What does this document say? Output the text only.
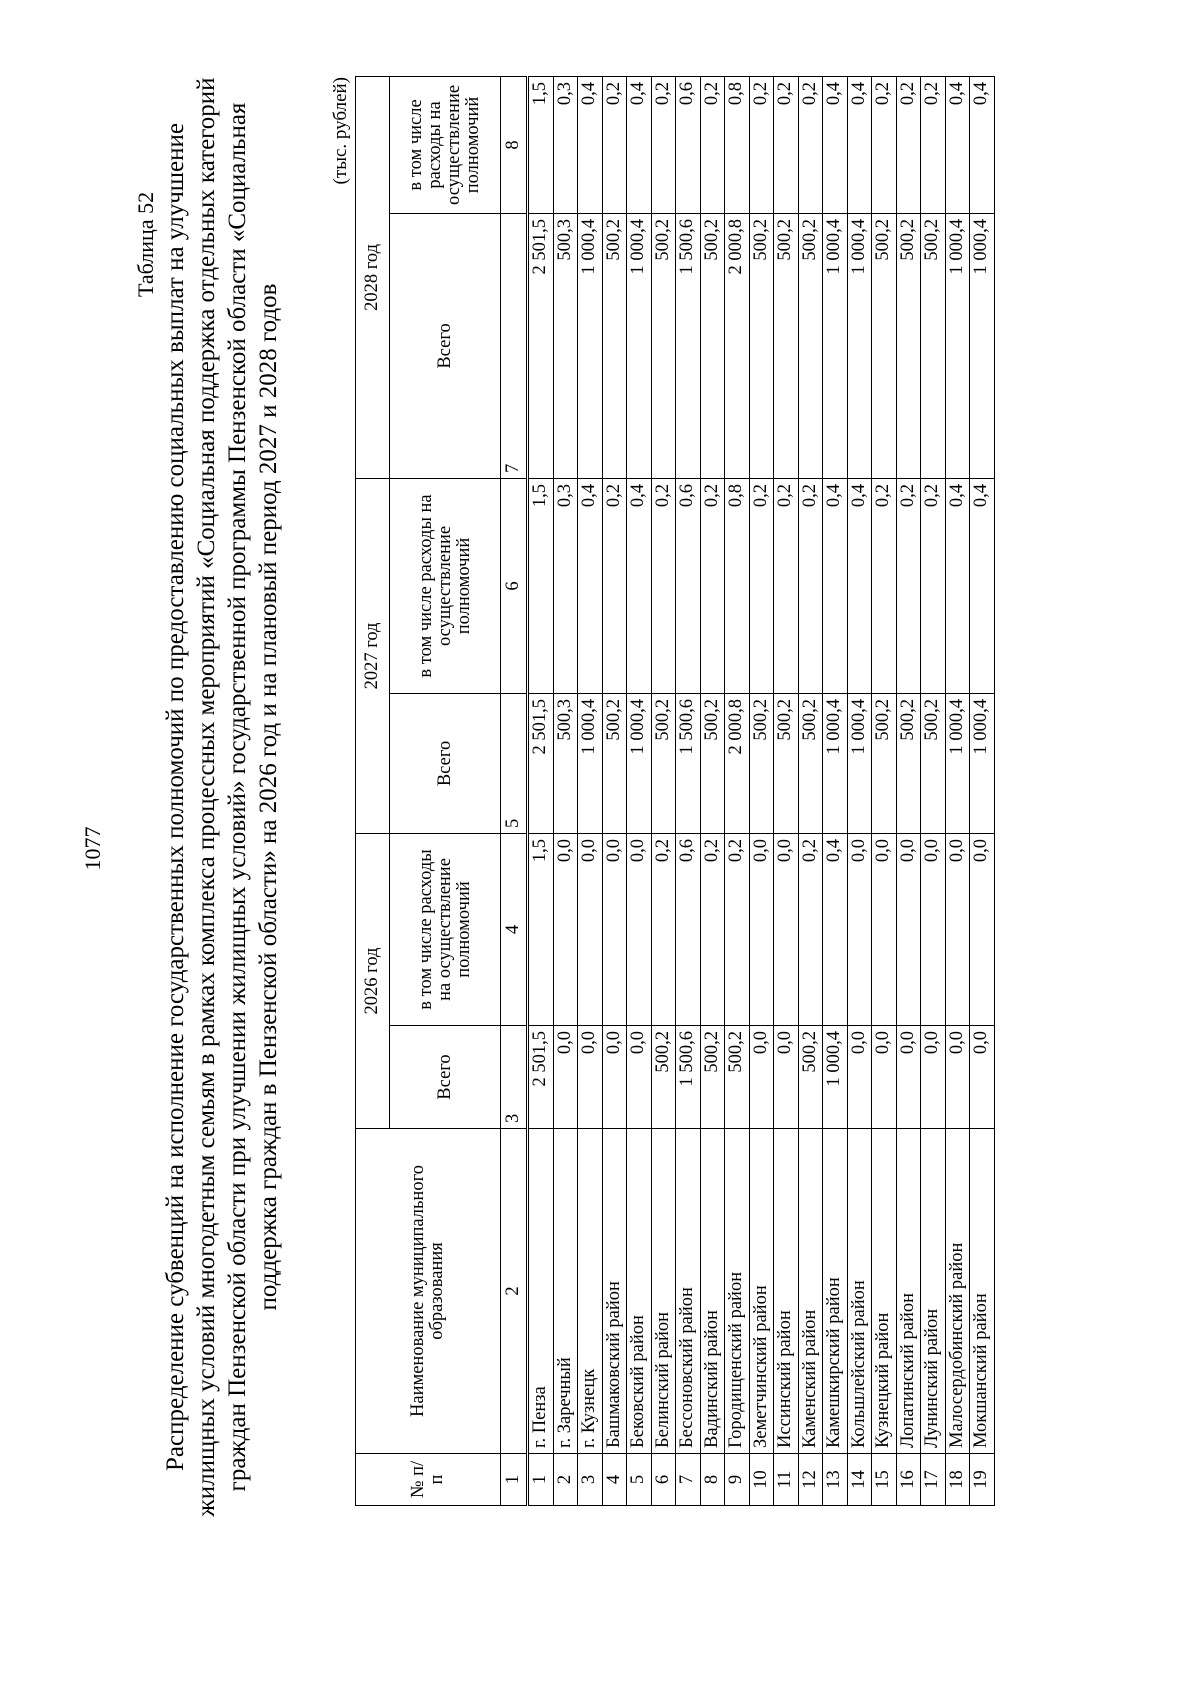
1077
Таблица 52 Распределение субвенций на исполнение государственных полномочий по предоставлению социальных выплат на улучшение жилищных условий многодетным семьям в рамках комплекса процессных мероприятий «Социальная поддержка отдельных категорий граждан Пензенской области при улучшении жилищных условий» государственной программы Пензенской области «Социальная поддержка граждан в Пензенской области» на 2026 год и на плановый период 2027 и 2028 годов
(тыс. рублей)
№ п/п	Наименование муниципального образования	2026 год		2027 год		2028 год	
		Всего	в том числе расходы на осуществление полномочий	Всего	в том числе расходы на осуществление полномочий	Всего	в том числе расходы на осуществление полномочий
1	2	3	4	5	6	7	8
1	г. Пенза	2 501,5	1,5	2 501,5	1,5	2 501,5	1,5
2	г. Заречный	0,0	0,0	500,3	0,3	500,3	0,3
3	г. Кузнецк	0,0	0,0	1 000,4	0,4	1 000,4	0,4
4	Башмаковский район	0,0	0,0	500,2	0,2	500,2	0,2
5	Бековский район	0,0	0,0	1 000,4	0,4	1 000,4	0,4
6	Белинский район	500,2	0,2	500,2	0,2	500,2	0,2
7	Бессоновский район	1 500,6	0,6	1 500,6	0,6	1 500,6	0,6
8	Вадинский район	500,2	0,2	500,2	0,2	500,2	0,2
9	Городищенский район	500,2	0,2	2 000,8	0,8	2 000,8	0,8
10	Земетчинский район	0,0	0,0	500,2	0,2	500,2	0,2
11	Иссинский район	0,0	0,0	500,2	0,2	500,2	0,2
12	Каменский район	500,2	0,2	500,2	0,2	500,2	0,2
13	Камешкирский район	1 000,4	0,4	1 000,4	0,4	1 000,4	0,4
14	Кольшлейский район	0,0	0,0	1 000,4	0,4	1 000,4	0,4
15	Кузнецкий район	0,0	0,0	500,2	0,2	500,2	0,2
16	Лопатинский район	0,0	0,0	500,2	0,2	500,2	0,2
17	Лунинский район	0,0	0,0	500,2	0,2	500,2	0,2
18	Малосердобинский район	0,0	0,0	1 000,4	0,4	1 000,4	0,4
19	Мокшанский район	0,0	0,0	1 000,4	0,4	1 000,4	0,4
